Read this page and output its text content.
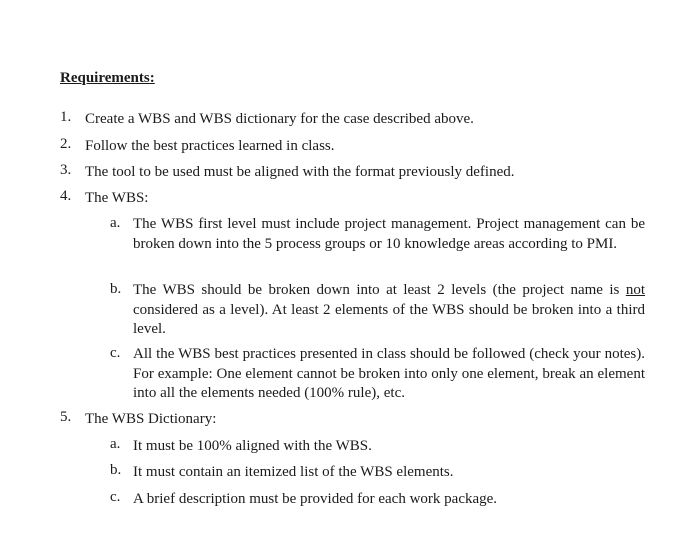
Requirements:
1. Create a WBS and WBS dictionary for the case described above.
2. Follow the best practices learned in class.
3. The tool to be used must be aligned with the format previously defined.
4. The WBS:
a. The WBS first level must include project management. Project management can be broken down into the 5 process groups or 10 knowledge areas according to PMI.
b. The WBS should be broken down into at least 2 levels (the project name is not considered as a level). At least 2 elements of the WBS should be broken into a third level.
c. All the WBS best practices presented in class should be followed (check your notes). For example: One element cannot be broken into only one element, break an element into all the elements needed (100% rule), etc.
5. The WBS Dictionary:
a. It must be 100% aligned with the WBS.
b. It must contain an itemized list of the WBS elements.
c. A brief description must be provided for each work package.
